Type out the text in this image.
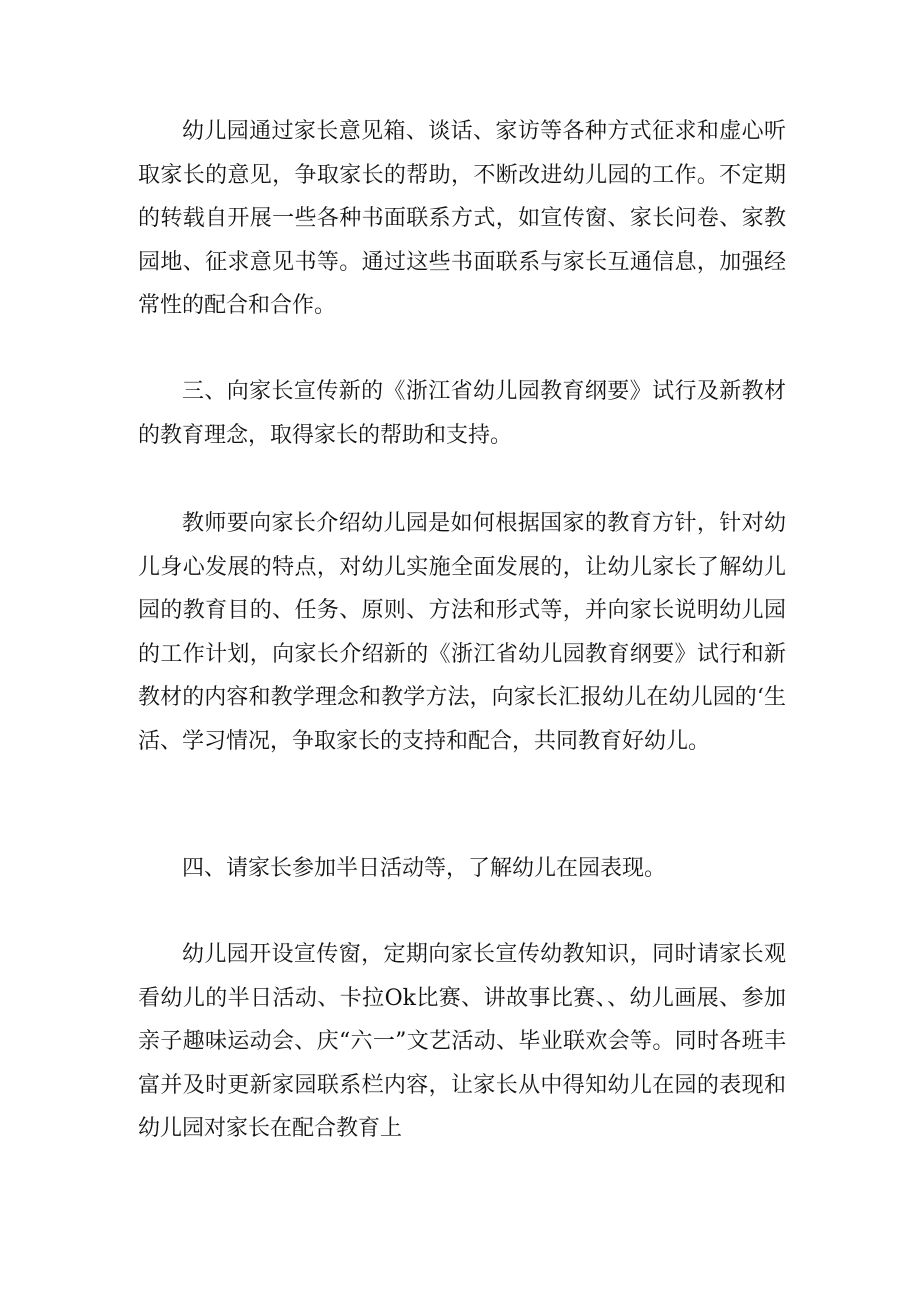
幼儿园通过家长意见箱、谈话、家访等各种方式征求和虚心听取家长的意见，争取家长的帮助，不断改进幼儿园的工作。不定期的转载自开展一些各种书面联系方式，如宣传窗、家长问卷、家教园地、征求意见书等。通过这些书面联系与家长互通信息，加强经常性的配合和合作。

三、向家长宣传新的《浙江省幼儿园教育纲要》试行及新教材的教育理念，取得家长的帮助和支持。

教师要向家长介绍幼儿园是如何根据国家的教育方针，针对幼儿身心发展的特点，对幼儿实施全面发展的，让幼儿家长了解幼儿园的教育目的、任务、原则、方法和形式等，并向家长说明幼儿园的工作计划，向家长介绍新的《浙江省幼儿园教育纲要》试行和新教材的内容和教学理念和教学方法，向家长汇报幼儿在幼儿园的‘生活、学习情况，争取家长的支持和配合，共同教育好幼儿。

四、请家长参加半日活动等，了解幼儿在园表现。

幼儿园开设宣传窗，定期向家长宣传幼教知识，同时请家长观看幼儿的半日活动、卡拉Ok比赛、讲故事比赛、、幼儿画展、参加亲子趣味运动会、庆“六一”文艺活动、毕业联欢会等。同时各班丰富并及时更新家园联系栏内容，让家长从中得知幼儿在园的表现和幼儿园对家长在配合教育上
